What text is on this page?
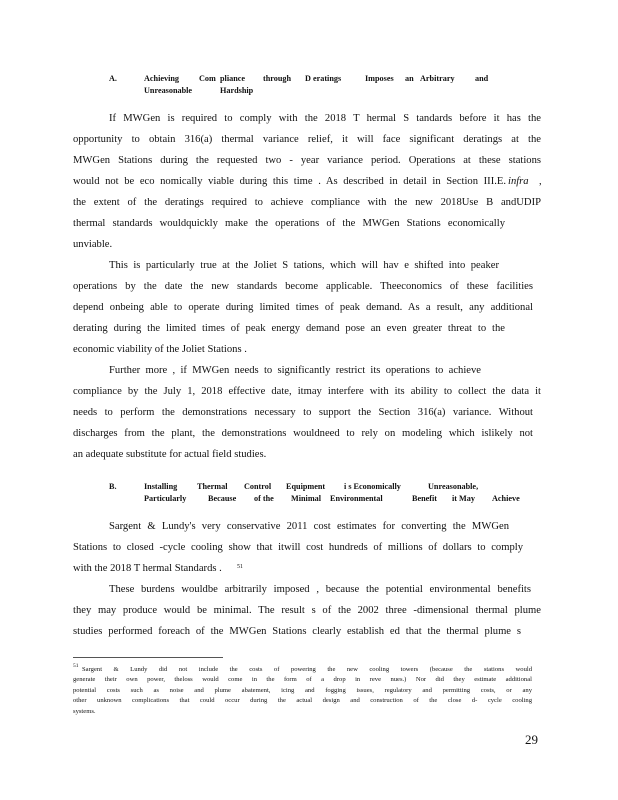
A.	Achieving Com pliance through D eratings	Imposes an Arbitrary and
Unreasonable	Hardship
If MWGen is required to comply with the 2018 T hermal S tandards before it has the
opportunity to obtain 316(a) thermal variance relief, it will face significant deratings at the
MWGen Stations during the requested two - year variance period. Operations at these stations
would not be eco nomically viable during this time . As described in detail in Section III.E. infra ,
the extent of the deratings required to achieve compliance with the new 2018Use B andUDIP
thermal standards wouldquickly make the operations of the MWGen Stations economically
unviable.
This is particularly true at the Joliet S tations, which will hav e shifted into peaker
operations by the date the new standards become applicable. Theeconomics of these facilities
depend onbeing able to operate during limited times of peak demand. As a result, any additional
derating during the limited times of peak energy demand pose an even greater threat to the
economic viability of the Joliet Stations .
Further more , if MWGen needs to significantly restrict its operations to achieve
compliance by the July 1, 2018 effective date, itmay interfere with its ability to collect the data it
needs to perform the demonstrations necessary to support the Section 316(a) variance. Without
discharges from the plant, the demonstrations wouldneed to rely on modeling which islikely not
an adequate substitute for actual field studies.
B.	Installing Thermal Control Equipment i s Economically	Unreasonable,
Particularly	Because of the Minimal Environmental	Benefit it May Achieve
Sargent & Lundy's very conservative 2011 cost estimates for converting the MWGen
Stations to closed -cycle cooling show that itwill cost hundreds of millions of dollars to comply
with the 2018 T hermal Standards .	51
These burdens wouldbe arbitrarily imposed , because the potential environmental benefits
they may produce would be minimal. The result s of the 2002 three -dimensional thermal plume
studies performed foreach of the MWGen Stations clearly establish ed that the thermal plume s
51 Sargent & Lundy did not include the costs of powering the new cooling towers (because the stations would
generate their own power, theloss would come in the form of a drop in reve nues.) Nor did they estimate additional
potential costs such as noise and plume abatement, icing and fogging issues, regulatory and permitting costs, or any
other unknown complications that could occur during the actual design and construction of the close d- cycle cooling
systems.
29
